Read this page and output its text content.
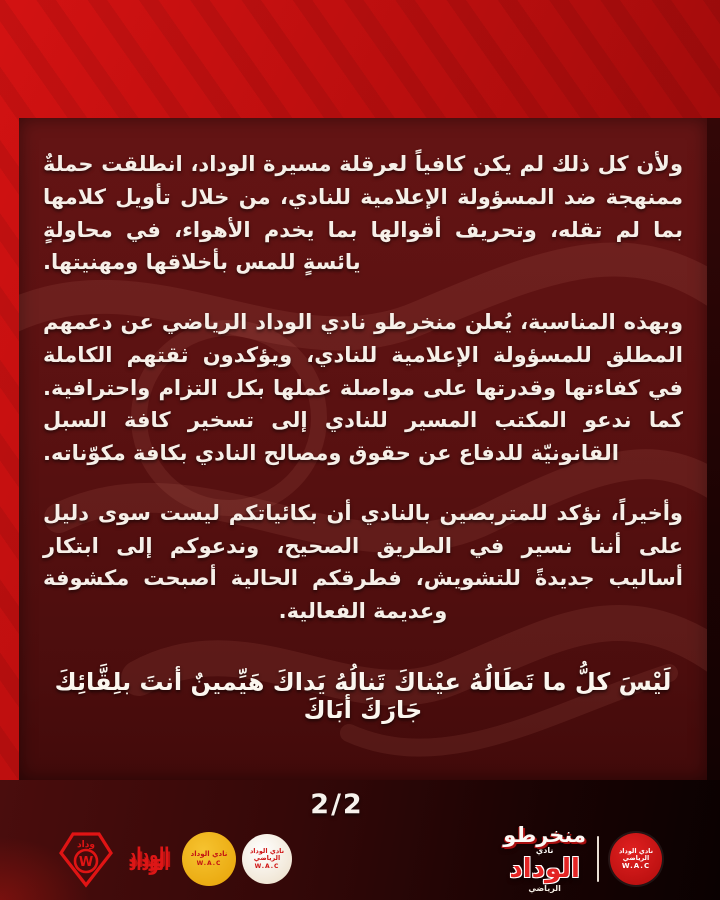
ولأن كل ذلك لم يكن كافياً لعرقلة مسيرة الوداد، انطلقت حملةٌ ممنهجة ضد المسؤولة الإعلامية للنادي، من خلال تأويل كلامها بما لم تقله، وتحريف أقوالها بما يخدم الأهواء، في محاولةٍ يائسةٍ للمس بأخلاقها ومهنيتها.

وبهذه المناسبة، يُعلن منخرطو نادي الوداد الرياضي عن دعمهم المطلق للمسؤولة الإعلامية للنادي، ويؤكدون ثقتهم الكاملة في كفاءتها وقدرتها على مواصلة عملها بكل التزام واحترافية. كما ندعو المكتب المسير للنادي إلى تسخير كافة السبل القانونيّة للدفاع عن حقوق ومصالح النادي بكافة مكوّناته.

وأخيراً، نؤكد للمتربصين بالنادي أن بكائياتكم ليست سوى دليل على أننا نسير في الطريق الصحيح، وندعوكم إلى ابتكار أساليب جديدةً للتشويش، فطرقكم الحالية أصبحت مكشوفة وعديمة الفعالية.

لَيْسَ كلُّ ما تَطَالُهُ عيْناكَ تَنالُهُ يَداكَ هَيِّمينٌ أنتَ بلِقَّائِكَ جَارَكَ أبَاكَ
2/2
وداد
W الوداد	نادي الوداد
W.A.C
نادي الوداد الرياضي
W.A.C
منخرطو
نادي
الوداد
الرياضي
نادي الوداد الرياضي
W.A.C
